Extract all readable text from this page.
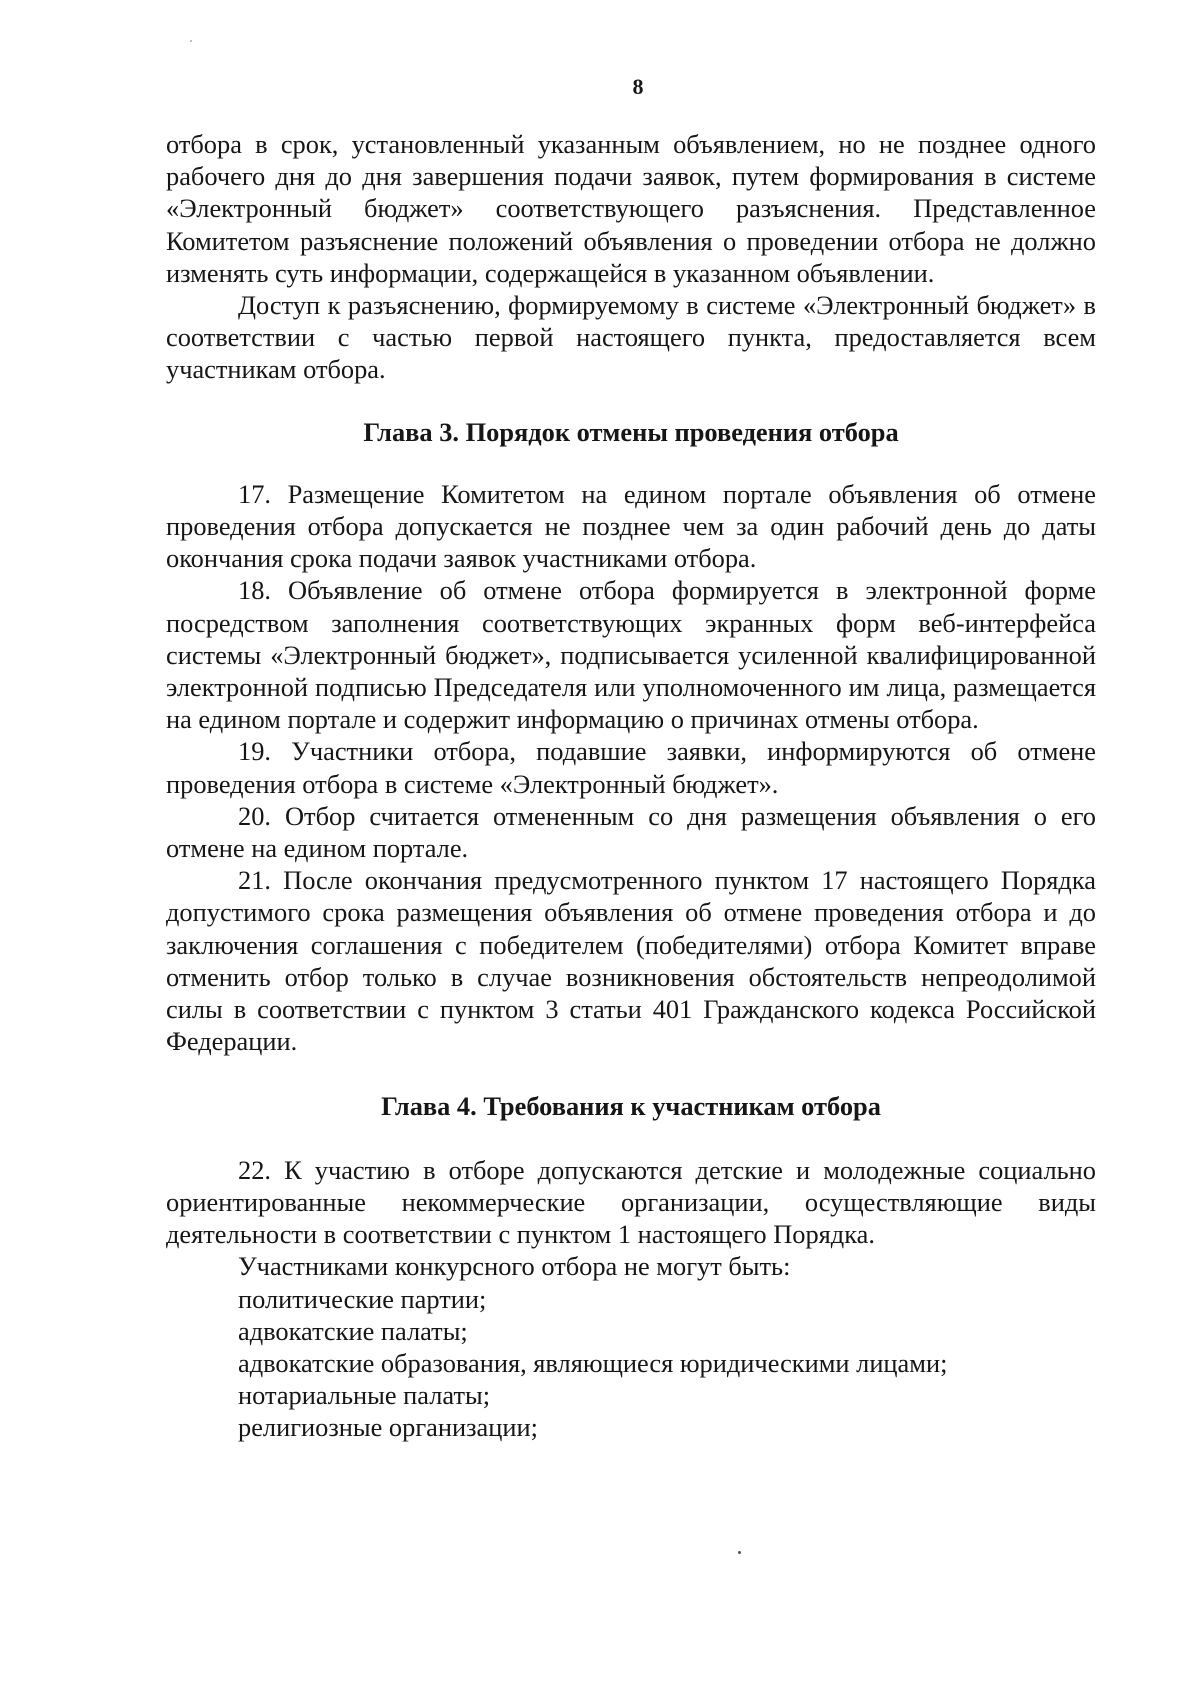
8

отбора в срок, установленный указанным объявлением, но не позднее одного рабочего дня до дня завершения подачи заявок, путем формирования в системе «Электронный бюджет» соответствующего разъяснения. Представленное Комитетом разъяснение положений объявления о проведении отбора не должно изменять суть информации, содержащейся в указанном объявлении.

Доступ к разъяснению, формируемому в системе «Электронный бюджет» в соответствии с частью первой настоящего пункта, предоставляется всем участникам отбора.

Глава 3. Порядок отмены проведения отбора

17. Размещение Комитетом на едином портале объявления об отмене проведения отбора допускается не позднее чем за один рабочий день до даты окончания срока подачи заявок участниками отбора.

18. Объявление об отмене отбора формируется в электронной форме посредством заполнения соответствующих экранных форм веб-интерфейса системы «Электронный бюджет», подписывается усиленной квалифицированной электронной подписью Председателя или уполномоченного им лица, размещается на едином портале и содержит информацию о причинах отмены отбора.

19. Участники отбора, подавшие заявки, информируются об отмене проведения отбора в системе «Электронный бюджет».

20. Отбор считается отмененным со дня размещения объявления о его отмене на едином портале.

21. После окончания предусмотренного пунктом 17 настоящего Порядка допустимого срока размещения объявления об отмене проведения отбора и до заключения соглашения с победителем (победителями) отбора Комитет вправе отменить отбор только в случае возникновения обстоятельств непреодолимой силы в соответствии с пунктом 3 статьи 401 Гражданского кодекса Российской Федерации.

Глава 4. Требования к участникам отбора

22. К участию в отборе допускаются детские и молодежные социально ориентированные некоммерческие организации, осуществляющие виды деятельности в соответствии с пунктом 1 настоящего Порядка.

Участниками конкурсного отбора не могут быть:

политические партии;

адвокатские палаты;

адвокатские образования, являющиеся юридическими лицами;

нотариальные палаты;

религиозные организации;
